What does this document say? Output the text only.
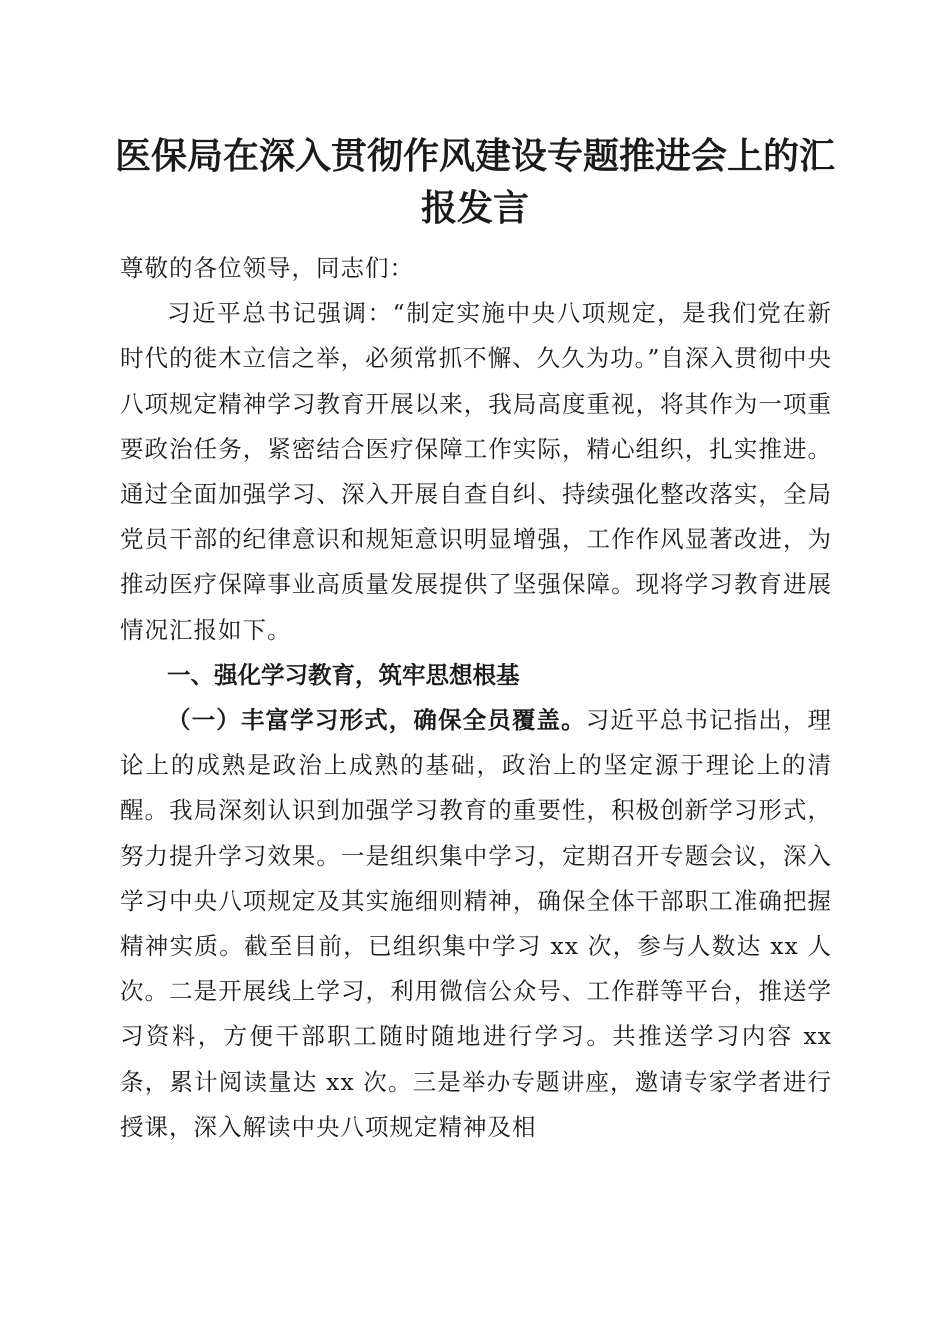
医保局在深入贯彻作风建设专题推进会上的汇报发言

尊敬的各位领导，同志们：

习近平总书记强调：“制定实施中央八项规定，是我们党在新时代的徙木立信之举，必须常抓不懈、久久为功。”自深入贯彻中央八项规定精神学习教育开展以来，我局高度重视，将其作为一项重要政治任务，紧密结合医疗保障工作实际，精心组织，扎实推进。通过全面加强学习、深入开展自查自纠、持续强化整改落实，全局党员干部的纪律意识和规矩意识明显增强，工作作风显著改进，为推动医疗保障事业高质量发展提供了坚强保障。现将学习教育进展情况汇报如下。

一、强化学习教育，筑牢思想根基

（一）丰富学习形式，确保全员覆盖。习近平总书记指出，理论上的成熟是政治上成熟的基础，政治上的坚定源于理论上的清醒。我局深刻认识到加强学习教育的重要性，积极创新学习形式，努力提升学习效果。一是组织集中学习，定期召开专题会议，深入学习中央八项规定及其实施细则精神，确保全体干部职工准确把握精神实质。截至目前，已组织集中学习 xx 次，参与人数达 xx 人次。二是开展线上学习，利用微信公众号、工作群等平台，推送学习资料，方便干部职工随时随地进行学习。共推送学习内容 xx 条，累计阅读量达 xx 次。三是举办专题讲座，邀请专家学者进行授课，深入解读中央八项规定精神及相
